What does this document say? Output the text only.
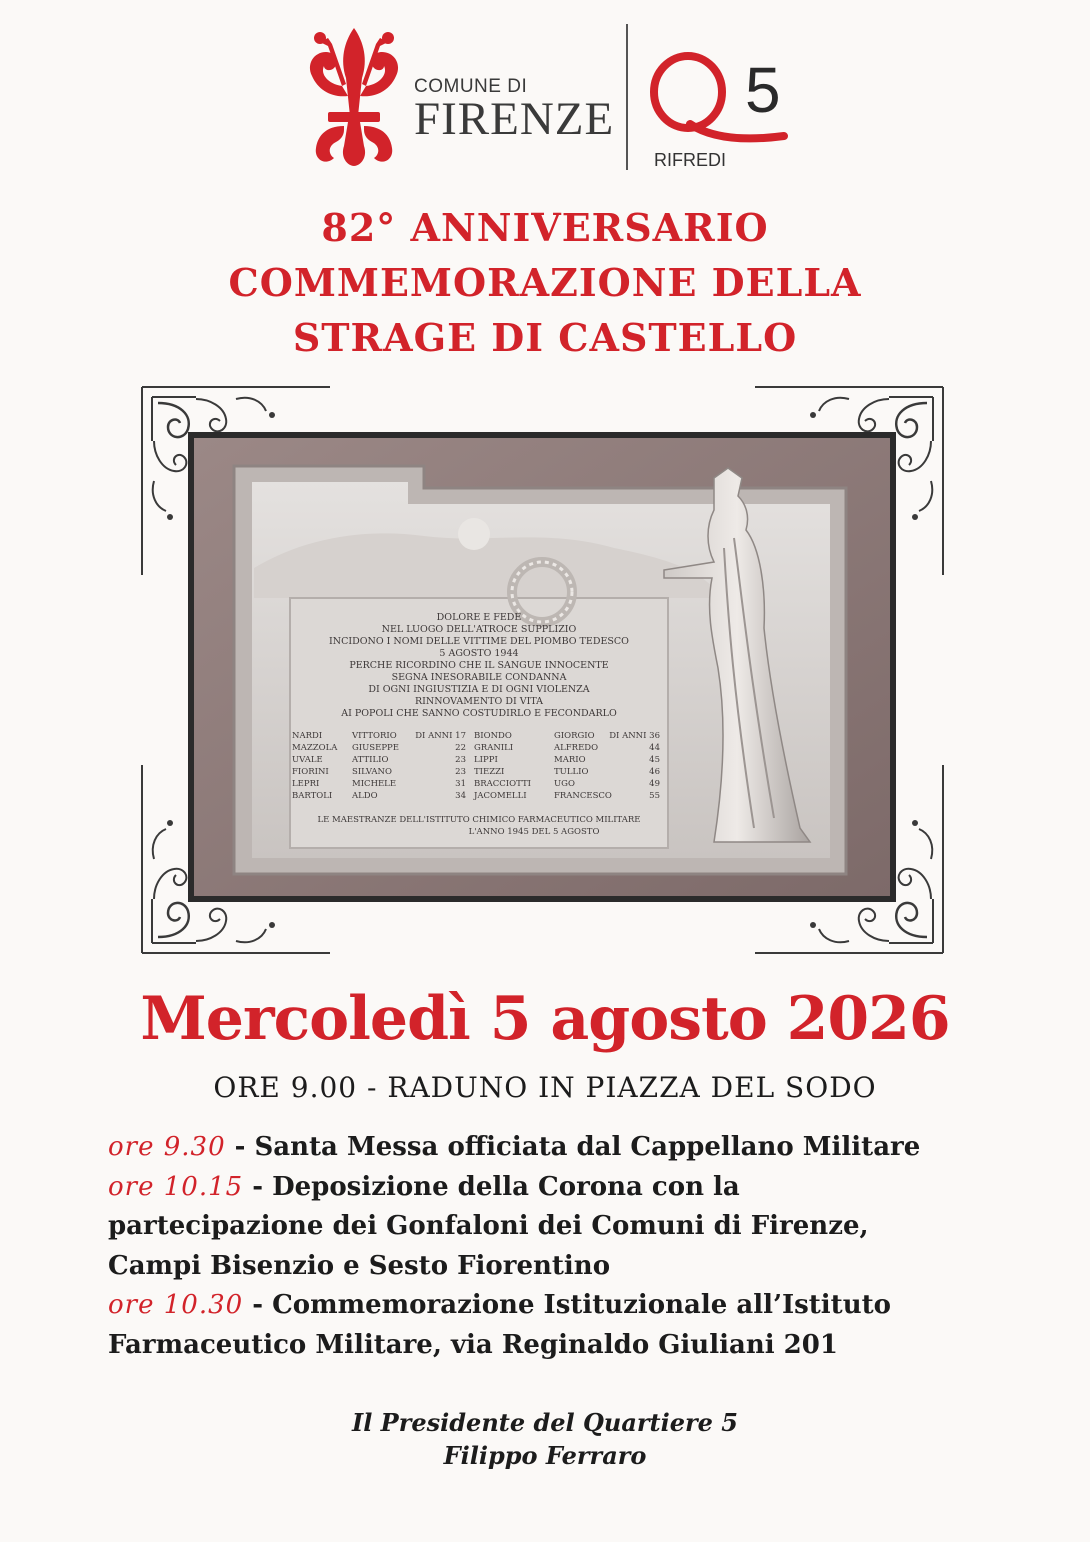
COMUNE DI
FIRENZE 5
RIFREDI
82° ANNIVERSARIO
COMMEMORAZIONE DELLA
STRAGE DI CASTELLO
DOLORE E FEDE
NEL LUOGO DELL'ATROCE SUPPLIZIO
INCIDONO I NOMI DELLE VITTIME DEL PIOMBO TEDESCO
5 AGOSTO 1944
PERCHE RICORDINO CHE IL SANGUE INNOCENTE
SEGNA INESORABILE CONDANNA
DI OGNI INGIUSTIZIA E DI OGNI VIOLENZA
RINNOVAMENTO DI VITA
AI POPOLI CHE SANNO COSTUDIRLO E FECONDARLO
NARDI	VITTORIO DI ANNI 17
MAZZOLA GIUSEPPE	22
UVALE	ATTILIO	23
FIORINI	SILVANO	23
LEPRI	MICHELE	31
BARTOLI ALDO	34
BIONDO	GIORGIO DI ANNI 36
GRANILI	ALFREDO	44
LIPPI	MARIO	45
TIEZZI	TULLIO	46
BRACCIOTTI	UGO	49
JACOMELLI	FRANCESCO	55
LE MAESTRANZE DELL'ISTITUTO CHIMICO FARMACEUTICO MILITARE
L'ANNO 1945 DEL 5 AGOSTO
Mercoledì 5 agosto 2026
ORE 9.00 - RADUNO IN PIAZZA DEL SODO
ore 9.30 - Santa Messa officiata dal Cappellano Militare
ore 10.15 - Deposizione della Corona con la
partecipazione dei Gonfaloni dei Comuni di Firenze,
Campi Bisenzio e Sesto Fiorentino
ore 10.30 - Commemorazione Istituzionale all’Istituto
Farmaceutico Militare, via Reginaldo Giuliani 201
Il Presidente del Quartiere 5
Filippo Ferraro
